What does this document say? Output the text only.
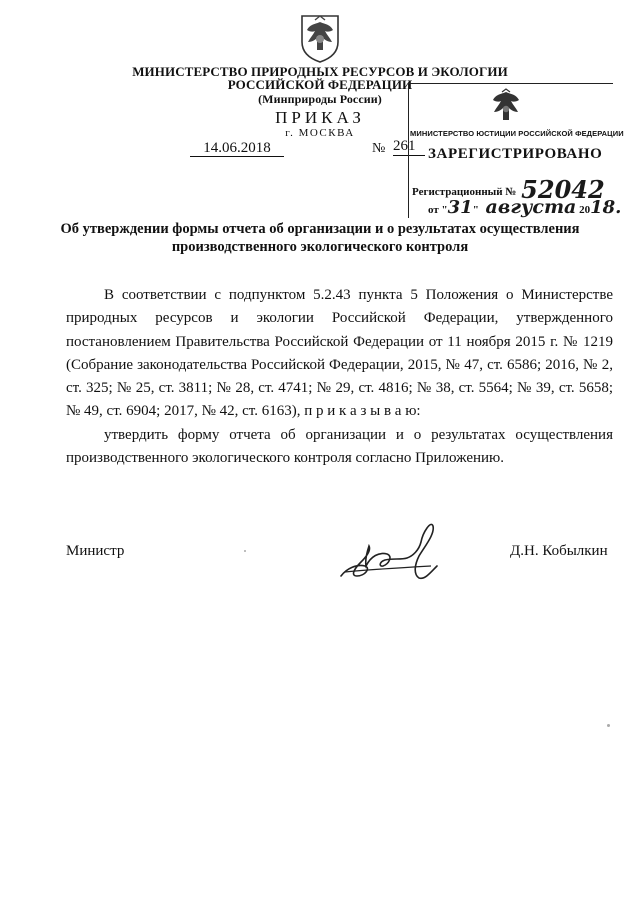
МИНИСТЕРСТВО ПРИРОДНЫХ РЕСУРСОВ И ЭКОЛОГИИ
РОССИЙСКОЙ ФЕДЕРАЦИИ
(Минприроды России)
ПРИКАЗ
г. МОСКВА
14.06.2018	№ 261
МИНИСТЕРСТВО ЮСТИЦИИ РОССИЙСКОЙ ФЕДЕРАЦИИ
ЗАРЕГИСТРИРОВАНО
Регистрационный № 52042
от "31" августа 2018.
Об утверждении формы отчета об организации и о результатах осуществления
производственного экологического контроля

В соответствии с подпунктом 5.2.43 пункта 5 Положения о Министерстве природных ресурсов и экологии Российской Федерации, утвержденного постановлением Правительства Российской Федерации от 11 ноября 2015 г. № 1219 (Собрание законодательства Российской Федерации, 2015, № 47, ст. 6586; 2016, № 2, ст. 325; № 25, ст. 3811; № 28, ст. 4741; № 29, ст. 4816; № 38, ст. 5564; № 39, ст. 5658; № 49, ст. 6904; 2017, № 42, ст. 6163), п р и к а з ы в а ю:

утвердить форму отчета об организации и о результатах осуществления производственного экологического контроля согласно Приложению.

Министр	Д.Н. Кобылкин
